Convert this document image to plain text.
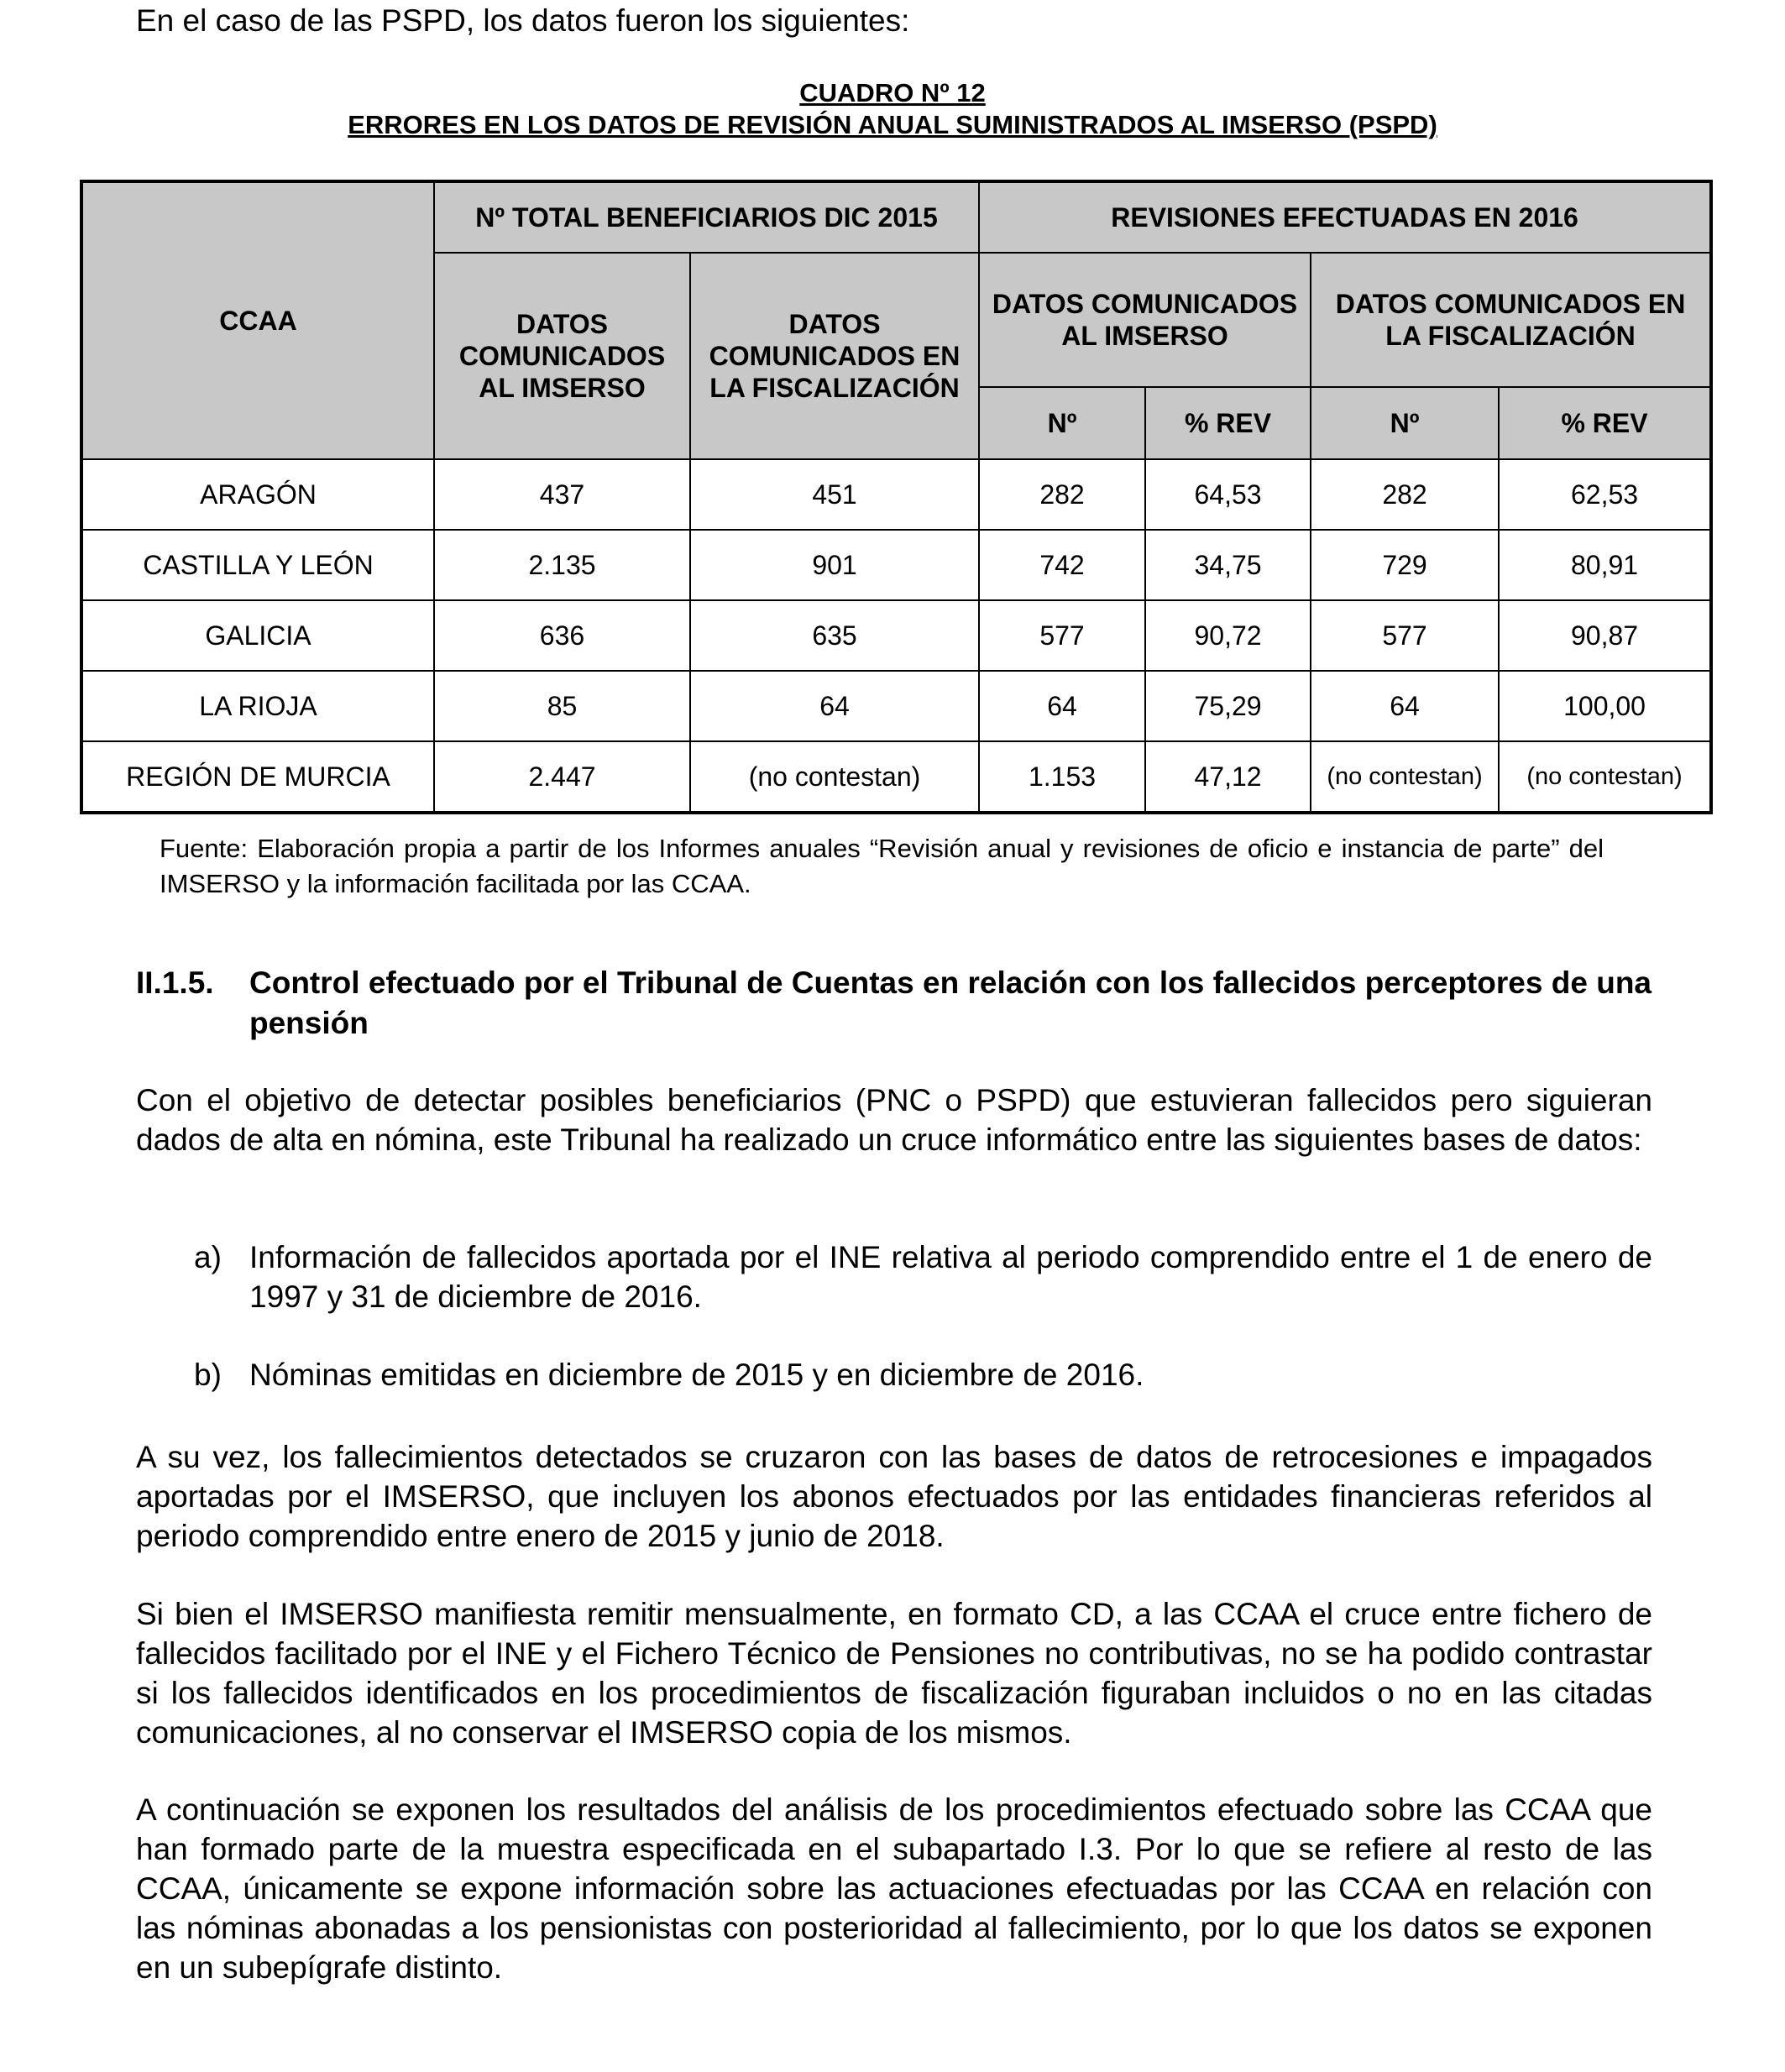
En el caso de las PSPD, los datos fueron los siguientes:

CUADRO Nº 12

ERRORES EN LOS DATOS DE REVISIÓN ANUAL SUMINISTRADOS AL IMSERSO (PSPD)

CCAA	Nº TOTAL BENEFICIARIOS DIC 2015		REVISIONES EFECTUADAS EN 2016			
	DATOS COMUNICADOS AL IMSERSO	DATOS COMUNICADOS EN LA FISCALIZACIÓN	DATOS COMUNICADOS AL IMSERSO		DATOS COMUNICADOS EN LA FISCALIZACIÓN	
			Nº	% REV	Nº	% REV
ARAGÓN	437	451	282	64,53	282	62,53
CASTILLA Y LEÓN	2.135	901	742	34,75	729	80,91
GALICIA	636	635	577	90,72	577	90,87
LA RIOJA	85	64	64	75,29	64	100,00
REGIÓN DE MURCIA	2.447	(no contestan)	1.153	47,12	(no contestan)	(no contestan)

Fuente: Elaboración propia a partir de los Informes anuales “Revisión anual y revisiones de oficio e instancia de parte” del IMSERSO y la información facilitada por las CCAA.

II.1.5. Control efectuado por el Tribunal de Cuentas en relación con los fallecidos perceptores de una pensión

Con el objetivo de detectar posibles beneficiarios (PNC o PSPD) que estuvieran fallecidos pero siguieran dados de alta en nómina, este Tribunal ha realizado un cruce informático entre las siguientes bases de datos:

a) Información de fallecidos aportada por el INE relativa al periodo comprendido entre el 1 de enero de 1997 y 31 de diciembre de 2016.

b) Nóminas emitidas en diciembre de 2015 y en diciembre de 2016.

A su vez, los fallecimientos detectados se cruzaron con las bases de datos de retrocesiones e impagados aportadas por el IMSERSO, que incluyen los abonos efectuados por las entidades financieras referidos al periodo comprendido entre enero de 2015 y junio de 2018.

Si bien el IMSERSO manifiesta remitir mensualmente, en formato CD, a las CCAA el cruce entre fichero de fallecidos facilitado por el INE y el Fichero Técnico de Pensiones no contributivas, no se ha podido contrastar si los fallecidos identificados en los procedimientos de fiscalización figuraban incluidos o no en las citadas comunicaciones, al no conservar el IMSERSO copia de los mismos.

A continuación se exponen los resultados del análisis de los procedimientos efectuado sobre las CCAA que han formado parte de la muestra especificada en el subapartado I.3. Por lo que se refiere al resto de las CCAA, únicamente se expone información sobre las actuaciones efectuadas por las CCAA en relación con las nóminas abonadas a los pensionistas con posterioridad al fallecimiento, por lo que los datos se exponen en un subepígrafe distinto.
